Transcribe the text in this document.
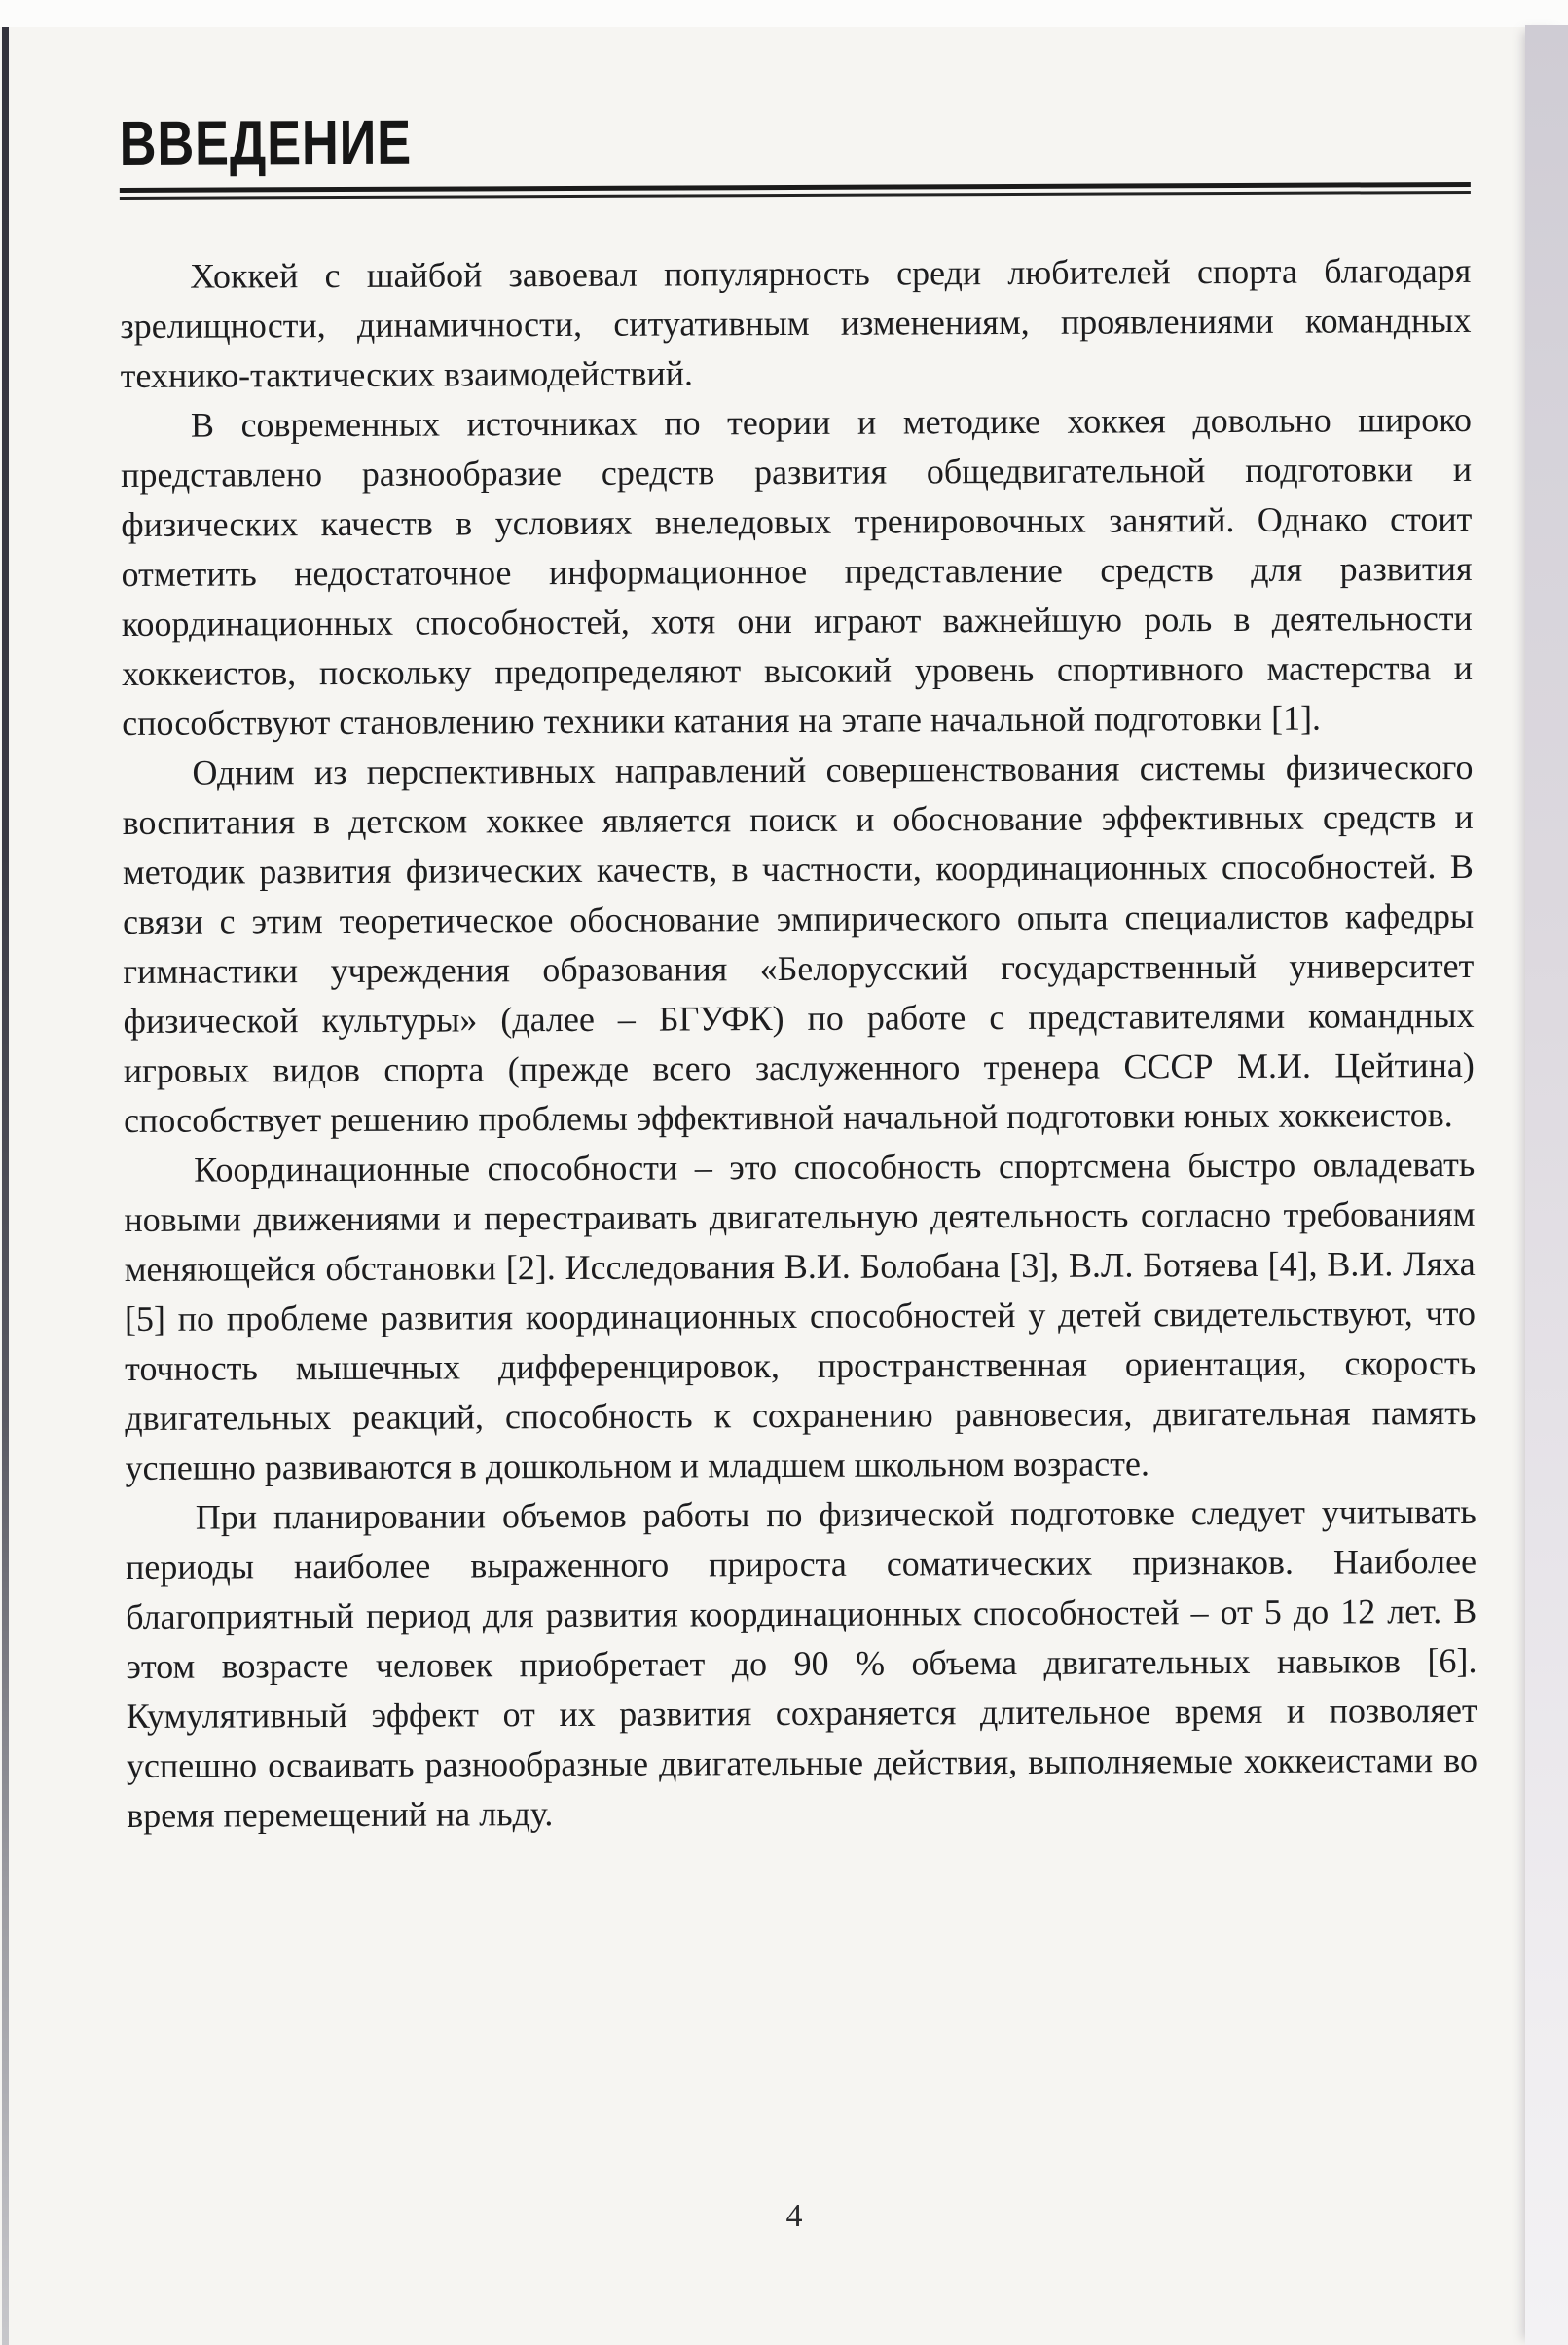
ВВЕДЕНИЕ

Хоккей с шайбой завоевал популярность среди любителей спорта благодаря зрелищности, динамичности, ситуативным изменениям, проявлениями командных технико-тактических взаимодействий.

В современных источниках по теории и методике хоккея довольно широко представлено разнообразие средств развития общедвигательной подготовки и физических качеств в условиях внеледовых тренировочных занятий. Однако стоит отметить недостаточное информационное представление средств для развития координационных способностей, хотя они играют важнейшую роль в деятельности хоккеистов, поскольку предопределяют высокий уровень спортивного мастерства и способствуют становлению техники катания на этапе начальной подготовки [1].

Одним из перспективных направлений совершенствования системы физического воспитания в детском хоккее является поиск и обоснование эффективных средств и методик развития физических качеств, в частности, координационных способностей. В связи с этим теоретическое обоснование эмпирического опыта специалистов кафедры гимнастики учреждения образования «Белорусский государственный университет физической культуры» (далее – БГУФК) по работе с представителями командных игровых видов спорта (прежде всего заслуженного тренера СССР М.И. Цейтина) способствует решению проблемы эффективной начальной подготовки юных хоккеистов.

Координационные способности – это способность спортсмена быстро овладевать новыми движениями и перестраивать двигательную деятельность согласно требованиям меняющейся обстановки [2]. Исследования В.И. Болобана [3], В.Л. Ботяева [4], В.И. Ляха [5] по проблеме развития координационных способностей у детей свидетельствуют, что точность мышечных дифференцировок, пространственная ориентация, скорость двигательных реакций, способность к сохранению равновесия, двигательная память успешно развиваются в дошкольном и младшем школьном возрасте.

При планировании объемов работы по физической подготовке следует учитывать периоды наиболее выраженного прироста соматических признаков. Наиболее благоприятный период для развития координационных способностей – от 5 до 12 лет. В этом возрасте человек приобретает до 90 % объема двигательных навыков [6]. Кумулятивный эффект от их развития сохраняется длительное время и позволяет успешно осваивать разнообразные двигательные действия, выполняемые хоккеистами во время перемещений на льду.

4
